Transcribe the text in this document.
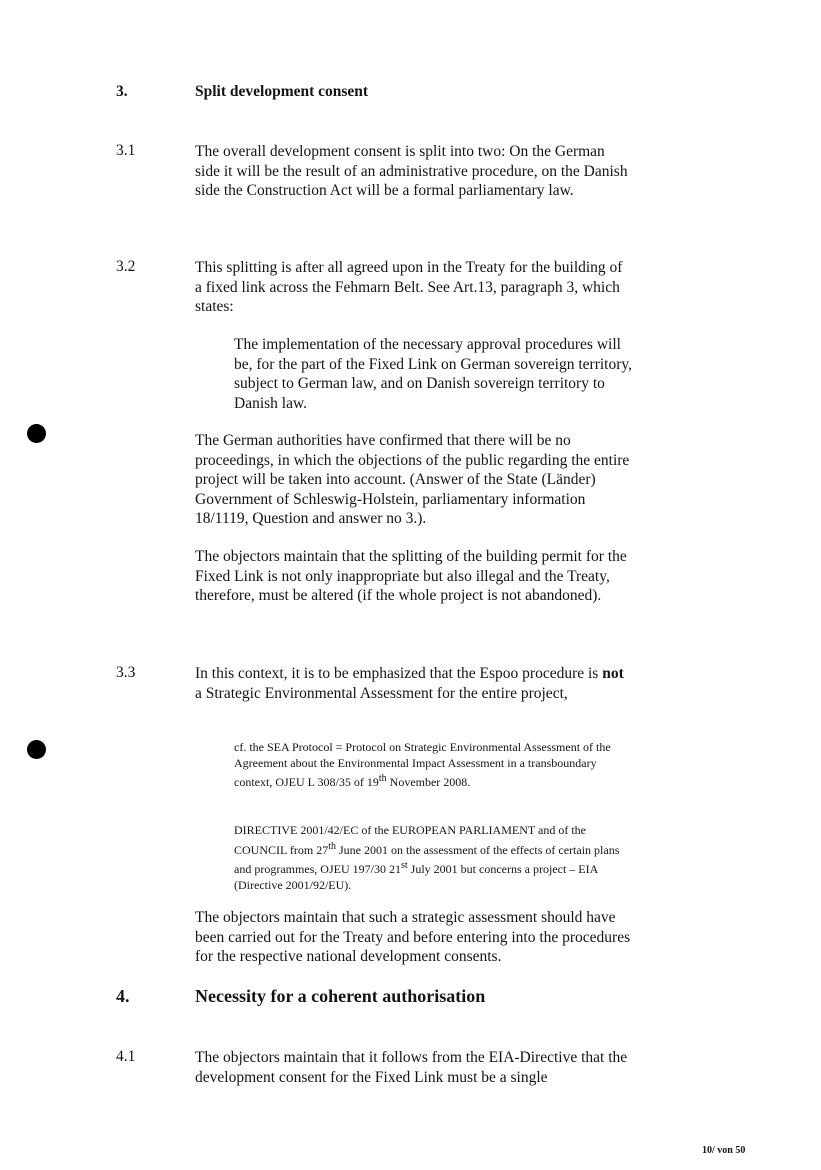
3.	Split development consent
3.1	The overall development consent is split into two: On the German side it will be the result of an administrative procedure, on the Danish side the Construction Act will be a formal parliamentary law.

3.2	This splitting is after all agreed upon in the Treaty for the building of a fixed link across the Fehmarn Belt. See Art.13, paragraph 3, which states:

The implementation of the necessary approval procedures will be, for the part of the Fixed Link on German sovereign territory, subject to German law, and on Danish sovereign territory to Danish law.

The German authorities have confirmed that there will be no proceedings, in which the objections of the public regarding the entire project will be taken into account. (Answer of the State (Länder) Government of Schleswig-Holstein, parliamentary information 18/1119, Question and answer no 3.).

The objectors maintain that the splitting of the building permit for the Fixed Link is not only inappropriate but also illegal and the Treaty, therefore, must be altered (if the whole project is not abandoned).

3.3	In this context, it is to be emphasized that the Espoo procedure is not a Strategic Environmental Assessment for the entire project,

cf. the SEA Protocol = Protocol on Strategic Environmental Assessment of the Agreement about the Environmental Impact Assessment in a transboundary context, OJEU L 308/35 of 19th November 2008.

DIRECTIVE 2001/42/EC of the EUROPEAN PARLIAMENT and of the COUNCIL from 27th June 2001 on the assessment of the effects of certain plans and programmes, OJEU 197/30 21st July 2001 but concerns a project – EIA (Directive 2001/92/EU).

The objectors maintain that such a strategic assessment should have been carried out for the Treaty and before entering into the procedures for the respective national development consents.

4.	Necessity for a coherent authorisation
4.1	The objectors maintain that it follows from the EIA-Directive that the development consent for the Fixed Link must be a single

10/ von 50
